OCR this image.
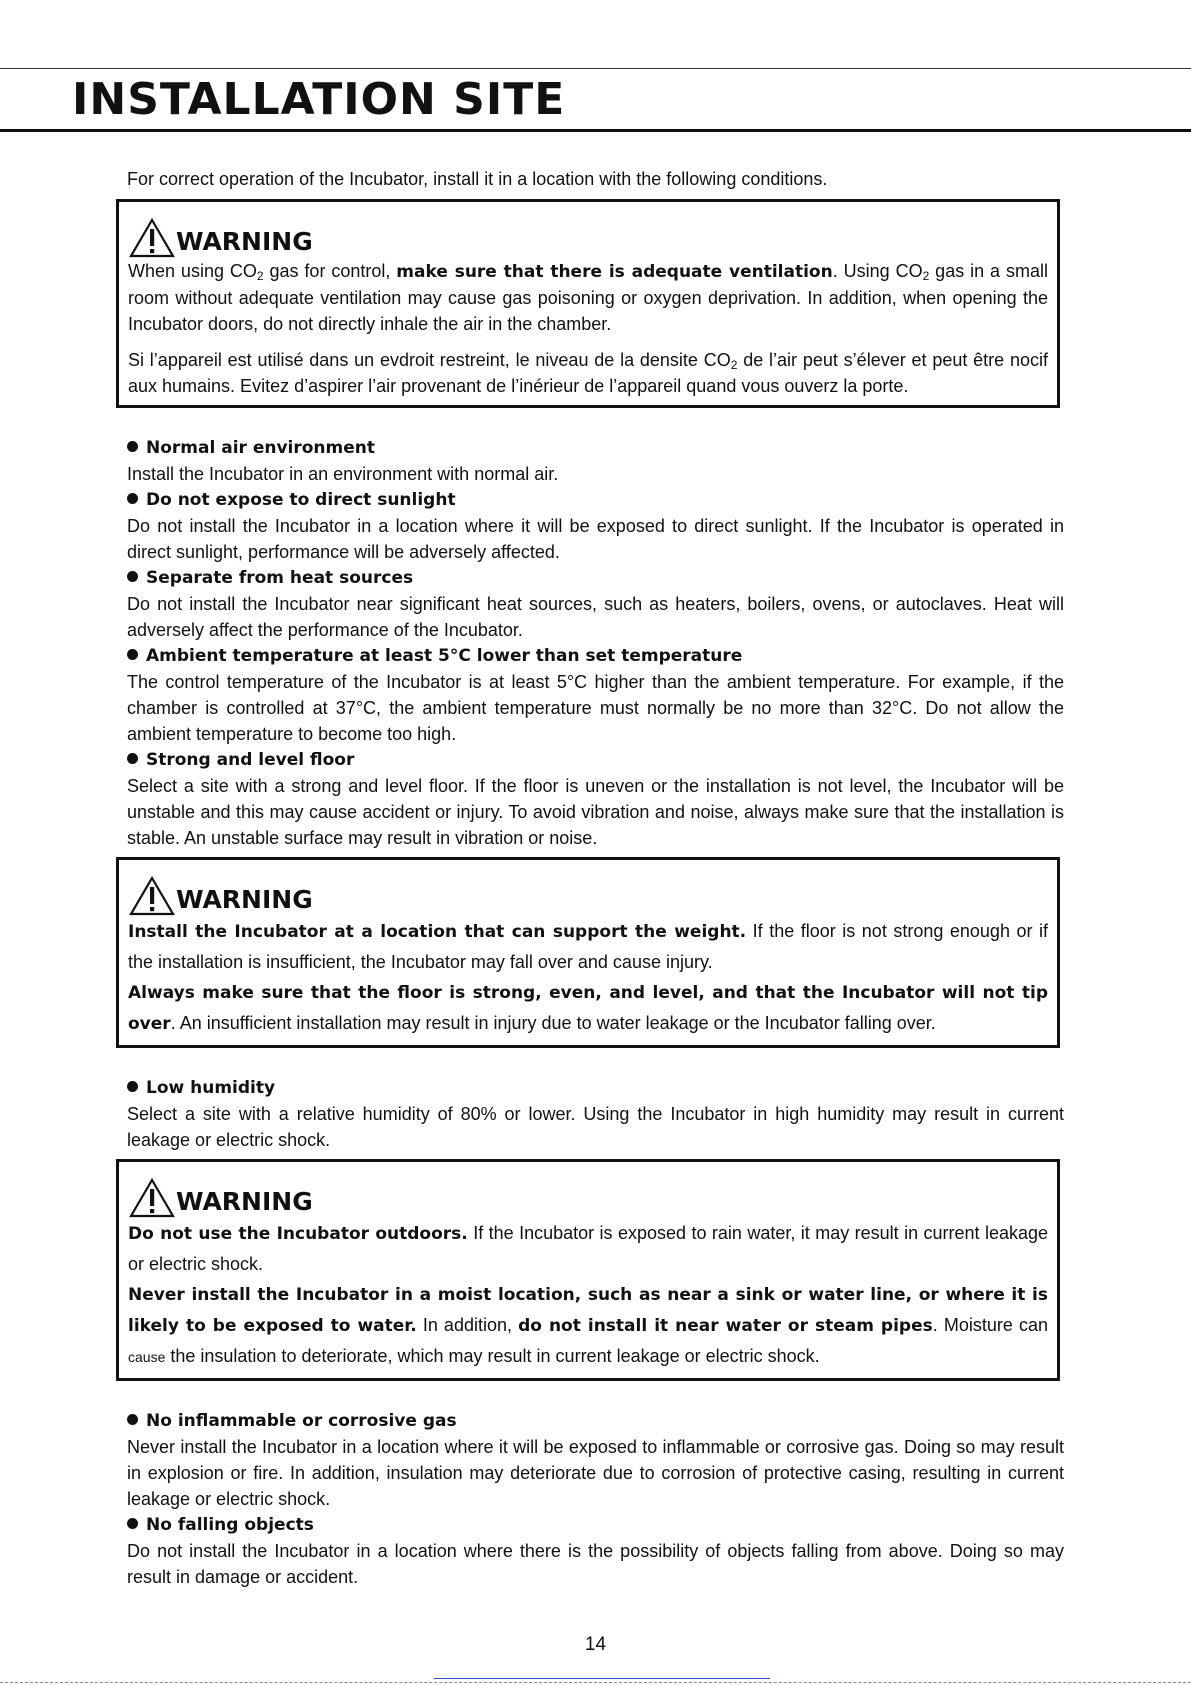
INSTALLATION SITE

For correct operation of the Incubator, install it in a location with the following conditions.

WARNING

When using $CO_2$ gas for control, make sure that there is adequate ventilation. Using $CO_2$ gas in a small room without adequate ventilation may cause gas poisoning or oxygen deprivation. In addition, when opening the Incubator doors, do not directly inhale the air in the chamber.

Si l’appareil est utilisé dans un evdroit restreint, le niveau de la densite $CO_2$ de l’air peut s’élever et peut être nocif aux humains. Evitez d’aspirer l’air provenant de l’inérieur de l’appareil quand vous ouverz la porte.

Normal air environment

Install the Incubator in an environment with normal air.

Do not expose to direct sunlight

Do not install the Incubator in a location where it will be exposed to direct sunlight. If the Incubator is operated in direct sunlight, performance will be adversely affected.

Separate from heat sources

Do not install the Incubator near significant heat sources, such as heaters, boilers, ovens, or autoclaves. Heat will adversely affect the performance of the Incubator.

Ambient temperature at least 5°C lower than set temperature

The control temperature of the Incubator is at least 5°C higher than the ambient temperature. For example, if the chamber is controlled at 37°C, the ambient temperature must normally be no more than 32°C. Do not allow the ambient temperature to become too high.

Strong and level floor

Select a site with a strong and level floor. If the floor is uneven or the installation is not level, the Incubator will be unstable and this may cause accident or injury. To avoid vibration and noise, always make sure that the installation is stable. An unstable surface may result in vibration or noise.

WARNING

Install the Incubator at a location that can support the weight. If the floor is not strong enough or if the installation is insufficient, the Incubator may fall over and cause injury.

Always make sure that the floor is strong, even, and level, and that the Incubator will not tip over. An insufficient installation may result in injury due to water leakage or the Incubator falling over.

Low humidity

Select a site with a relative humidity of 80% or lower. Using the Incubator in high humidity may result in current leakage or electric shock.

WARNING

Do not use the Incubator outdoors. If the Incubator is exposed to rain water, it may result in current leakage or electric shock.

Never install the Incubator in a moist location, such as near a sink or water line, or where it is likely to be exposed to water. In addition, do not install it near water or steam pipes. Moisture can cause the insulation to deteriorate, which may result in current leakage or electric shock.

No inflammable or corrosive gas

Never install the Incubator in a location where it will be exposed to inflammable or corrosive gas. Doing so may result in explosion or fire. In addition, insulation may deteriorate due to corrosion of protective casing, resulting in current leakage or electric shock.

No falling objects

Do not install the Incubator in a location where there is the possibility of objects falling from above. Doing so may result in damage or accident.

14
